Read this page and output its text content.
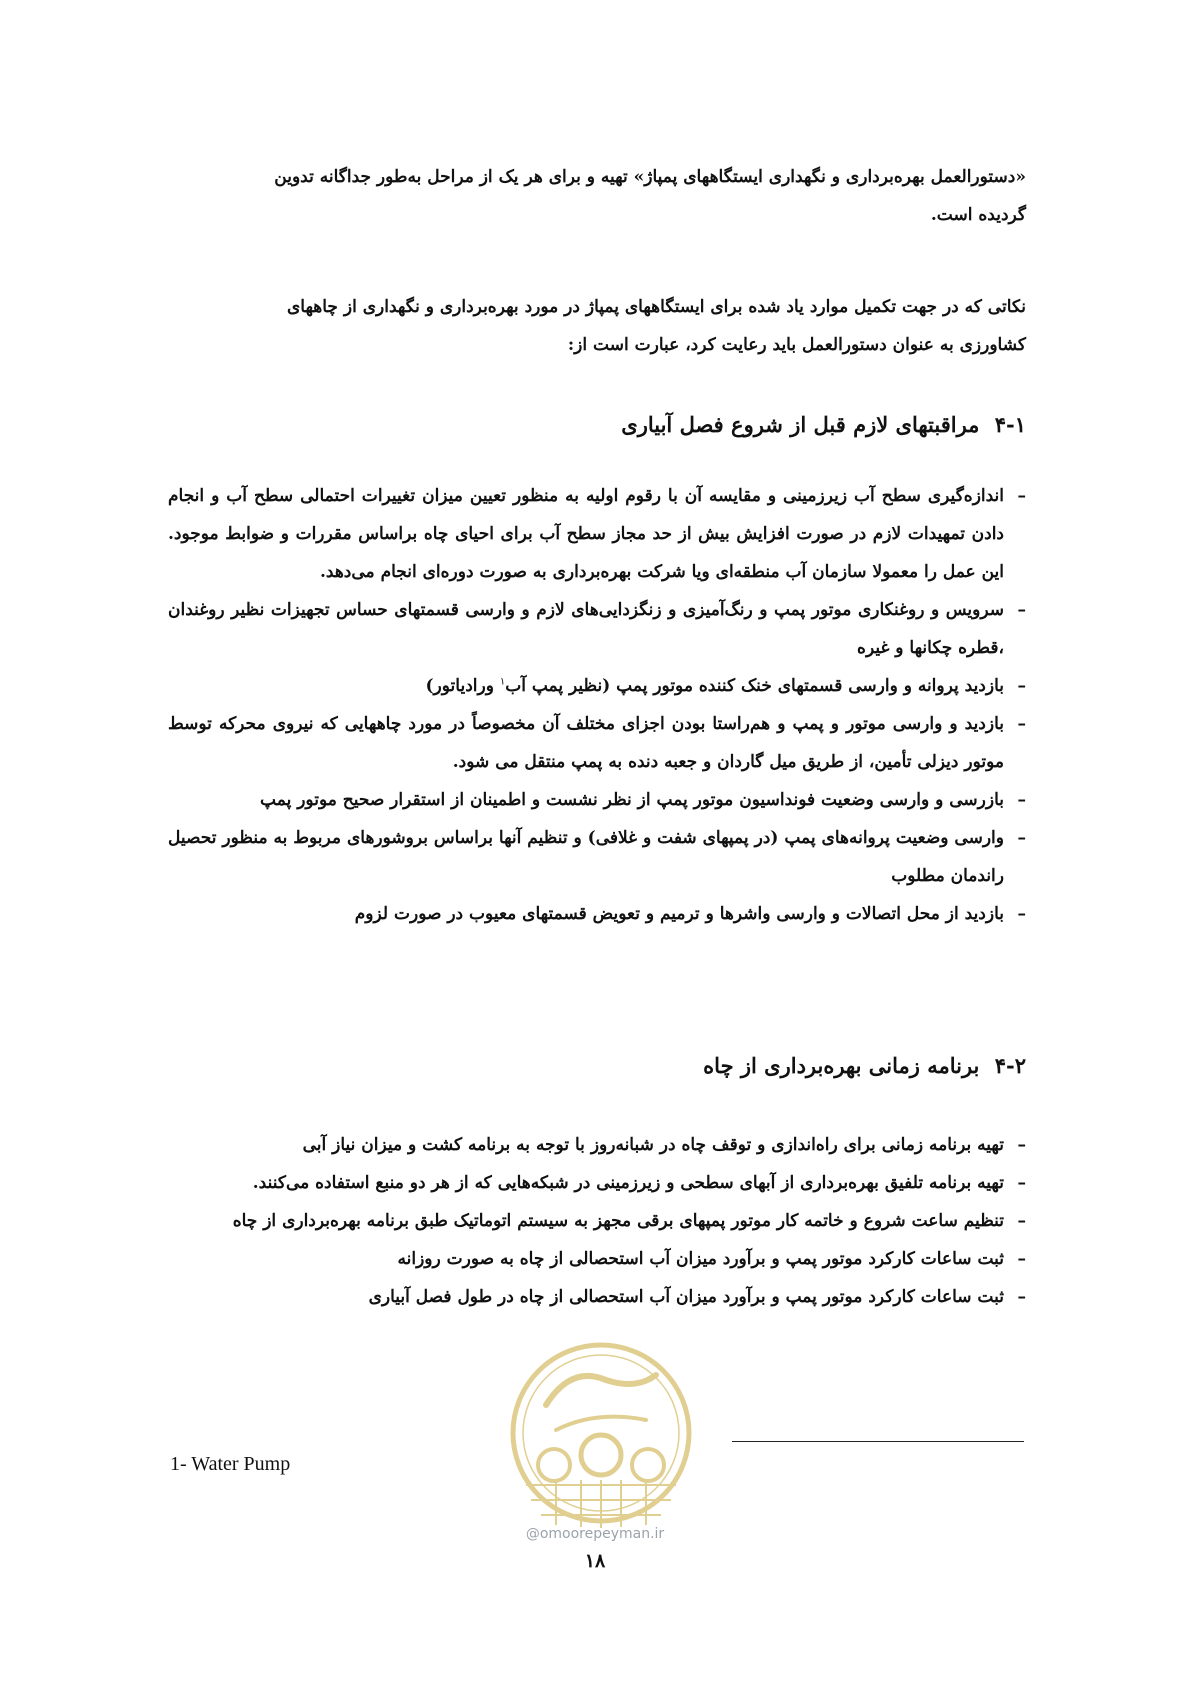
«دستورالعمل بهره‌برداری و نگهداری ایستگاههای پمپاژ» تهیه و برای هر یک از مراحل به‌طور جداگانه تدوین
گردیده است.

نکاتی که در جهت تکمیل موارد یاد شده برای ایستگاههای پمپاژ در مورد بهره‌برداری و نگهداری از چاههای
کشاورزی به عنوان دستورالعمل باید رعایت کرد، عبارت است از:

۴-۱ مراقبتهای لازم قبل از شروع فصل آبیاری
–
اندازه‌گیری سطح آب زیرزمینی و مقایسه آن با رقوم اولیه به منظور تعیین میزان تغییرات احتمالی سطح آب و انجام دادن تمهیدات لازم در صورت افزایش بیش از حد مجاز سطح آب برای احیای چاه براساس مقررات و ضوابط موجود. این عمل را معمولا سازمان آب منطقه‌ای ویا شرکت بهره‌برداری به صورت دوره‌ای انجام می‌دهد.
–
سرویس و روغنکاری موتور پمپ و رنگ‌آمیزی و زنگزدایی‌های لازم و وارسی قسمتهای حساس تجهیزات نظیر روغندان ،قطره چکانها و غیره
–
بازدید پروانه و وارسی قسمتهای خنک کننده موتور پمپ (نظیر پمپ آب$^۱$ ورادیاتور)
–
بازدید و وارسی موتور و پمپ و هم‌راستا بودن اجزای مختلف آن مخصوصاً در مورد چاههایی که نیروی محرکه توسط موتور دیزلی تأمین، از طریق میل گاردان و جعبه دنده به پمپ منتقل می شود.
–
بازرسی و وارسی وضعیت فونداسیون موتور پمپ از نظر نشست و اطمینان از استقرار صحیح موتور پمپ
–
وارسی وضعیت پروانه‌های پمپ (در پمپهای شفت و غلافی) و تنظیم آنها براساس بروشورهای مربوط به منظور تحصیل راندمان مطلوب
–
بازدید از محل اتصالات و وارسی واشرها و ترمیم و تعویض قسمتهای معیوب در صورت لزوم
۴-۲ برنامه زمانی بهره‌برداری از چاه
–
تهیه برنامه زمانی برای راه‌اندازی و توقف چاه در شبانه‌روز با توجه به برنامه کشت و میزان نیاز آبی
–
تهیه برنامه تلفیق بهره‌برداری از آبهای سطحی و زیرزمینی در شبکه‌هایی که از هر دو منبع استفاده می‌کنند.
–
تنظیم ساعت شروع و خاتمه کار موتور پمپهای برقی مجهز به سیستم اتوماتیک طبق برنامه بهره‌برداری از چاه
–
ثبت ساعات کارکرد موتور پمپ و برآورد میزان آب استحصالی از چاه به صورت روزانه
–
ثبت ساعات کارکرد موتور پمپ و برآورد میزان آب استحصالی از چاه در طول فصل آبیاری
@omoorepeyman.ir
1- Water Pump
۱۸
